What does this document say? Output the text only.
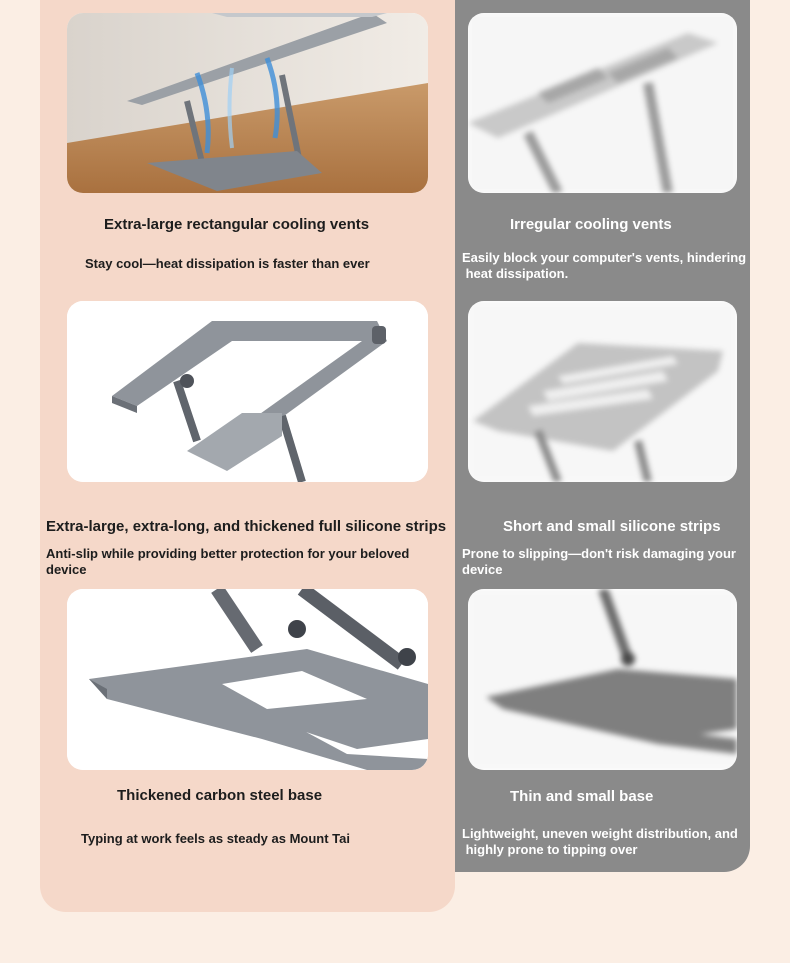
Extra-large rectangular cooling vents
Stay cool—heat dissipation is faster than ever
Irregular cooling vents
Easily block your computer's vents, hindering
heat dissipation.
Extra-large, extra-long, and thickened full silicone strips
Anti-slip while providing better protection for your beloved
device
Short and small silicone strips
Prone to slipping—don't risk damaging your
device
Thickened carbon steel base
Typing at work feels as steady as Mount Tai
Thin and small base
Lightweight, uneven weight distribution, and
highly prone to tipping over
